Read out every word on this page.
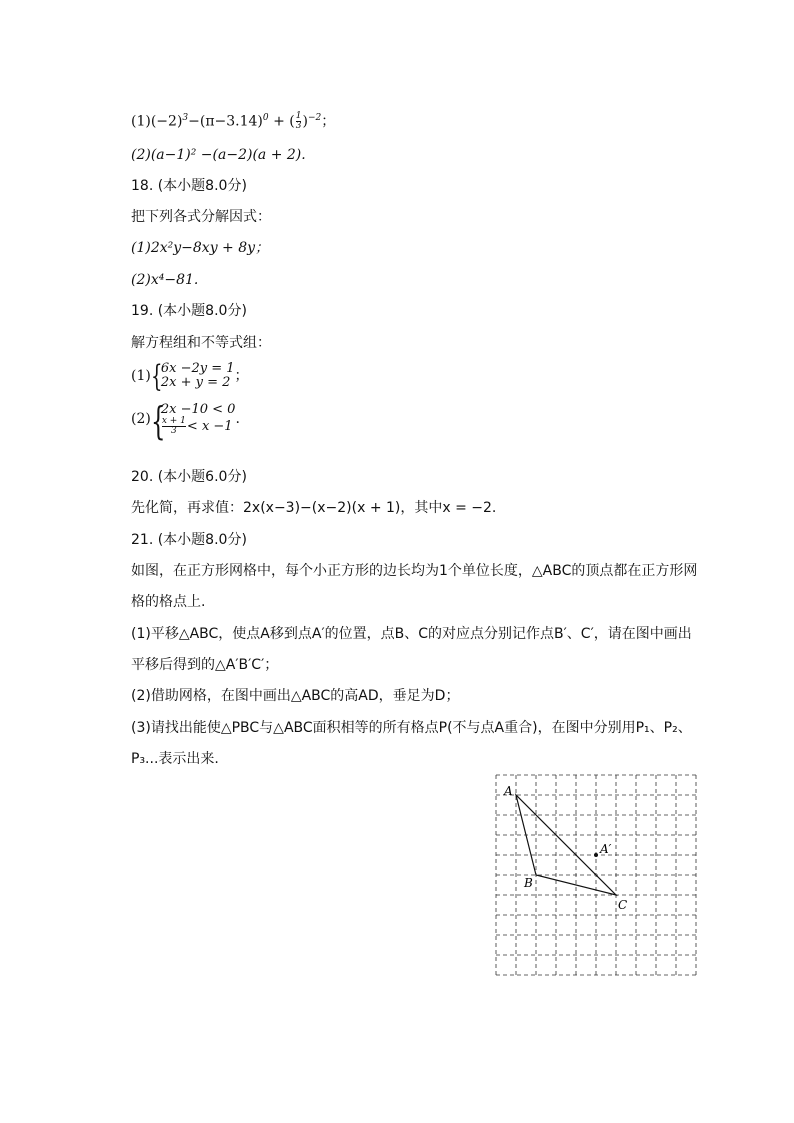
$(1)(-2)^3-(\pi-3.14)^0 + (\frac{1}{3} )^{-2}$；
(2)(a−1)² −(a−2)(a + 2).
18. (本小题8.0分)
把下列各式分解因式：
(1)2x²y−8xy + 8y；
(2)x⁴−81.
19. (本小题8.0分)
解方程组和不等式组：
(1) {
6x −2y = 1
2x + y = 2 ；
(2) {
2x −10 < 0
$\frac{x + 1}{3} < x -1$ .
20. (本小题6.0分)
先化简，再求值：2x(x−3)−(x−2)(x + 1)，其中x = −2.
21. (本小题8.0分)
如图，在正方形网格中，每个小正方形的边长均为1个单位长度，△ABC的顶点都在正方形网
格的格点上.
(1)平移△ABC，使点A移到点A′的位置，点B、C的对应点分别记作点B′、C′，请在图中画出
平移后得到的△A′B′C′；
(2)借助网格，在图中画出△ABC的高AD，垂足为D；
(3)请找出能使△PBC与△ABC面积相等的所有格点P(不与点A重合)，在图中分别用P₁、P₂、
P₃...表示出来.
A
B
C
A′
